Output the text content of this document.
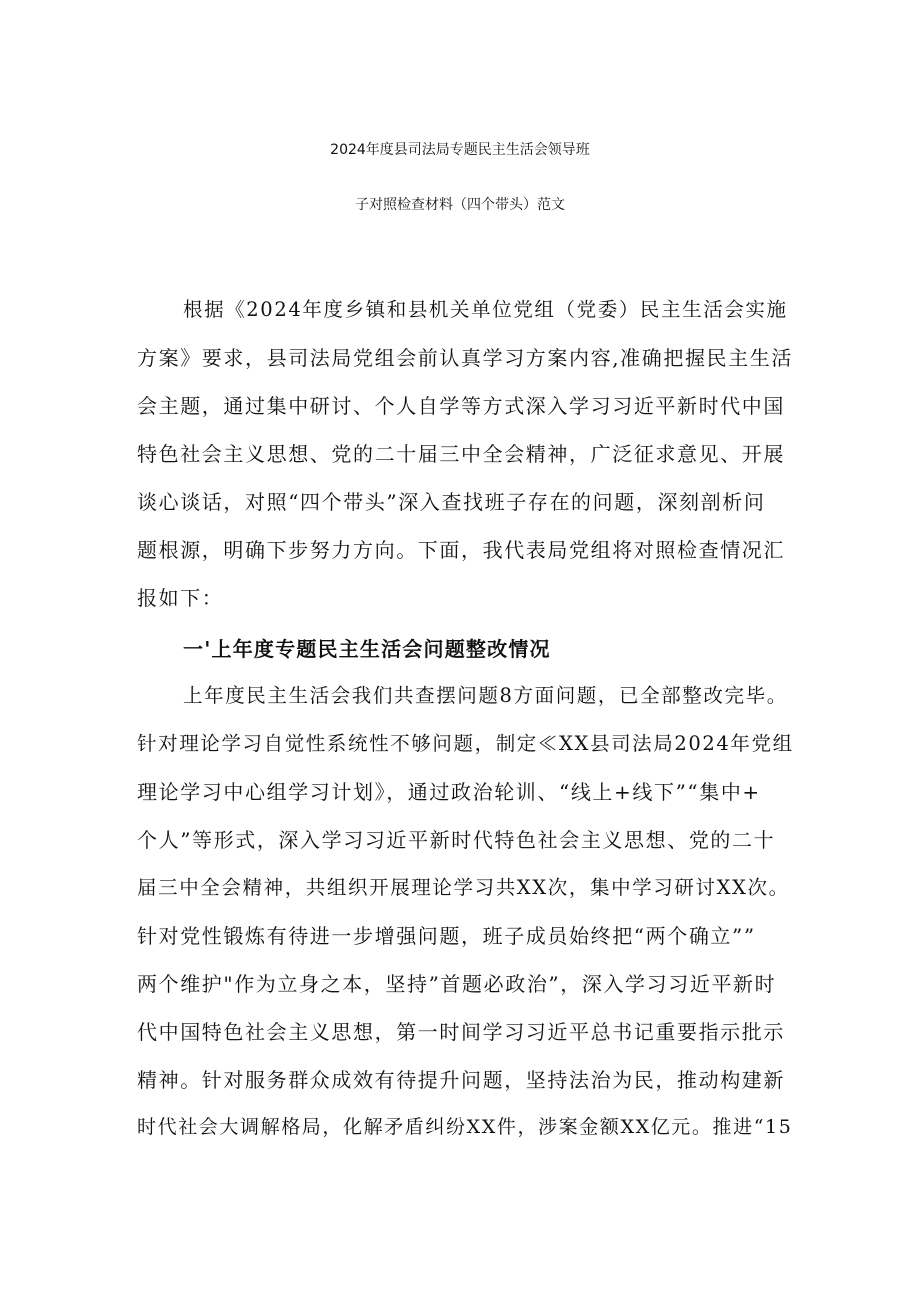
2024年度县司法局专题民主生活会领导班
子对照检查材料（四个带头）范文
根据《2024年度乡镇和县机关单位党组（党委）民主生活会实施
方案》要求，县司法局党组会前认真学习方案内容,准确把握民主生活
会主题，通过集中研讨、个人自学等方式深入学习习近平新时代中国
特色社会主义思想、党的二十届三中全会精神，广泛征求意见、开展
谈心谈话，对照“四个带头”深入查找班子存在的问题，深刻剖析问
题根源，明确下步努力方向。下面，我代表局党组将对照检查情况汇
报如下：
一'上年度专题民主生活会问题整改情况
上年度民主生活会我们共查摆问题8方面问题，已全部整改完毕。
针对理论学习自觉性系统性不够问题，制定≪XX县司法局2024年党组
理论学习中心组学习计划》，通过政治轮训、“线上+线下”“集中+
个人”等形式，深入学习习近平新时代特色社会主义思想、党的二十
届三中全会精神，共组织开展理论学习共XX次，集中学习研讨XX次。
针对党性锻炼有待进一步增强问题，班子成员始终把“两个确立””
两个维护"作为立身之本，坚持”首题必政治”，深入学习习近平新时
代中国特色社会主义思想，第一时间学习习近平总书记重要指示批示
精神。针对服务群众成效有待提升问题，坚持法治为民，推动构建新
时代社会大调解格局，化解矛盾纠纷XX件，涉案金额XX亿元。推进“15
